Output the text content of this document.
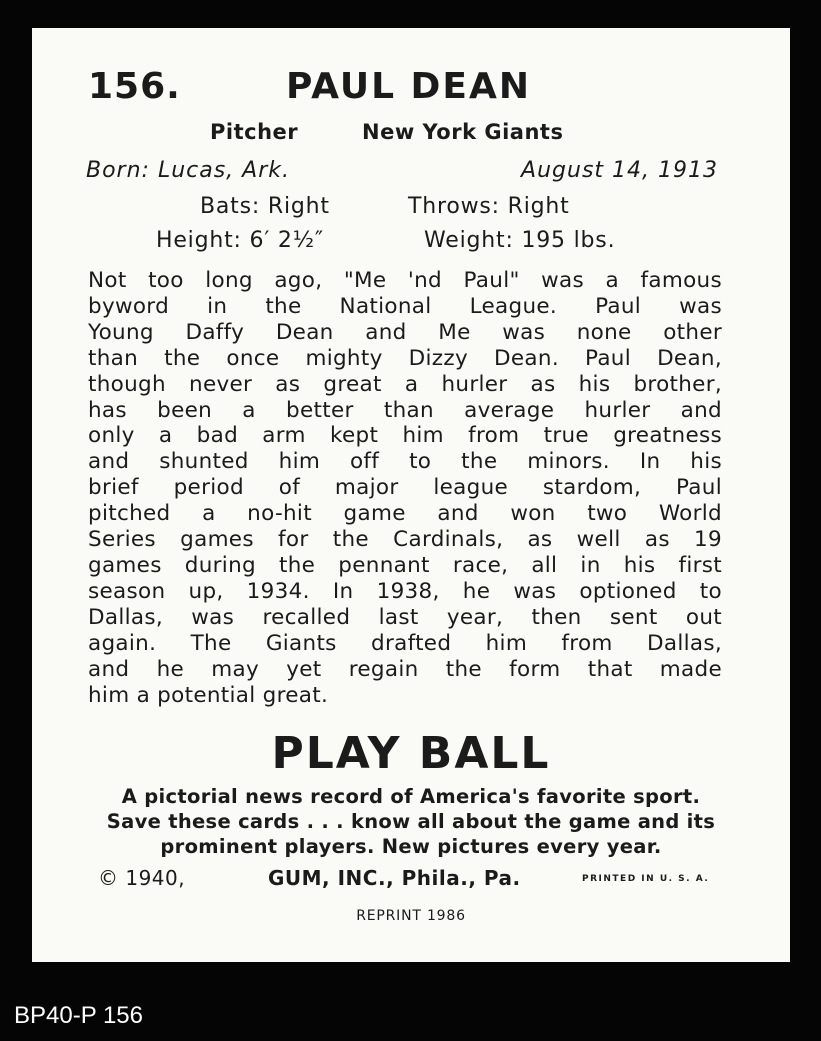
156.	PAUL DEAN
Pitcher	New York Giants
Born: Lucas, Ark.	August 14, 1913
Bats: Right	Throws: Right
Height: 6′ 2½″	Weight: 195 lbs.
Not too long ago, "Me 'nd Paul" was a famous
byword in the National League. Paul was
Young Daffy Dean and Me was none other
than the once mighty Dizzy Dean. Paul Dean,
though never as great a hurler as his brother,
has been a better than average hurler and
only a bad arm kept him from true greatness
and shunted him off to the minors. In his
brief period of major league stardom, Paul
pitched a no-hit game and won two World
Series games for the Cardinals, as well as 19
games during the pennant race, all in his first
season up, 1934. In 1938, he was optioned to
Dallas, was recalled last year, then sent out
again. The Giants drafted him from Dallas,
and he may yet regain the form that made
him a potential great.
PLAY BALL
A pictorial news record of America's favorite sport.
Save these cards . . . know all about the game and its
prominent players. New pictures every year.
© 1940,	GUM, INC., Phila., Pa.	PRINTED IN U. S. A.
REPRINT 1986
BP40-P 156
